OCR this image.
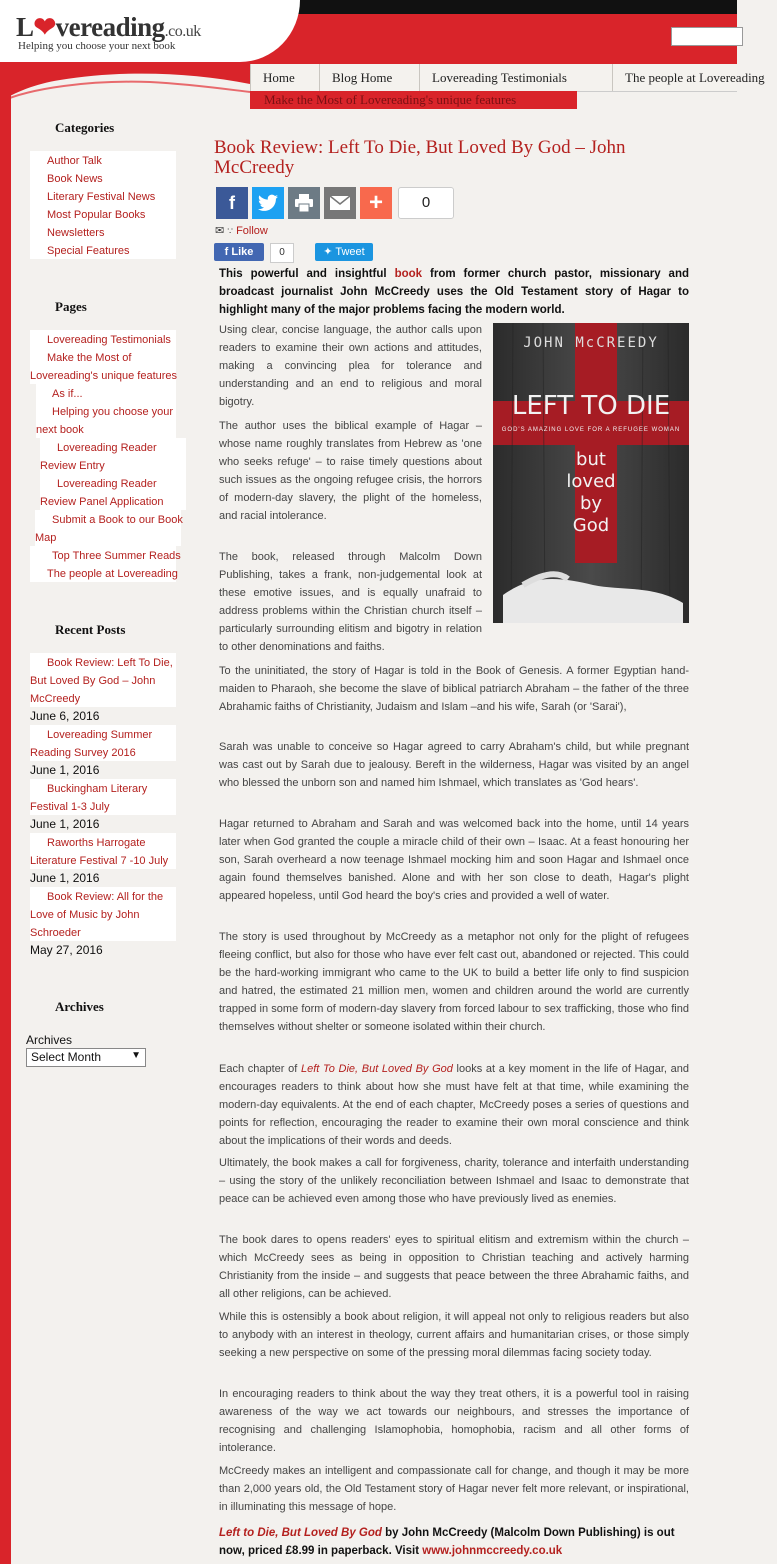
L❤vereading.co.uk
Helping you choose your next book
Home	Blog Home	Lovereading Testimonials	The people at Lovereading
Make the Most of Lovereading's unique features
Categories
Author Talk
Book News
Literary Festival News
Most Popular Books
Newsletters
Special Features
Pages
Lovereading Testimonials
Make the Most of
Lovereading's unique features
As if...
Helping you choose your
next book
Lovereading Reader
Review Entry
Lovereading Reader
Review Panel Application
Submit a Book to our Book
Map
Top Three Summer Reads
The people at Lovereading
Recent Posts
Book Review: Left To Die,
But Loved By God – John
McCreedy
June 6, 2016
Lovereading Summer
Reading Survey 2016
June 1, 2016
Buckingham Literary
Festival 1-3 July
June 1, 2016
Raworths Harrogate
Literature Festival 7 -10 July
June 1, 2016
Book Review: All for the
Love of Music by John
Schroeder
May 27, 2016
Archives
Archives
Select Month	▼
Book Review: Left To Die, But Loved By God – John McCreedy
f	+	0
✉ ∵ Follow
f Like	0	✦ Tweet
This powerful and insightful book from former church pastor, missionary and broadcast journalist John McCreedy uses the Old Testament story of Hagar to highlight many of the major problems facing the modern world.
JOHN McCREEDY
LEFT TO DIE
GOD'S AMAZING LOVE FOR A REFUGEE WOMAN
but
loved
by
God
Using clear, concise language, the author calls upon readers to examine their own actions and attitudes, making a convincing plea for tolerance and understanding and an end to religious and moral bigotry.
The author uses the biblical example of Hagar – whose name roughly translates from Hebrew as 'one who seeks refuge' – to raise timely questions about such issues as the ongoing refugee crisis, the horrors of modern-day slavery, the plight of the homeless, and racial intolerance.
The book, released through Malcolm Down Publishing, takes a frank, non-judgemental look at these emotive issues, and is equally unafraid to address problems within the Christian church itself – particularly surrounding elitism and bigotry in relation to other denominations and faiths.
To the uninitiated, the story of Hagar is told in the Book of Genesis. A former Egyptian hand-maiden to Pharaoh, she become the slave of biblical patriarch Abraham – the father of the three Abrahamic faiths of Christianity, Judaism and Islam –and his wife, Sarah (or 'Sarai'),
Sarah was unable to conceive so Hagar agreed to carry Abraham's child, but while pregnant was cast out by Sarah due to jealousy. Bereft in the wilderness, Hagar was visited by an angel who blessed the unborn son and named him Ishmael, which translates as 'God hears'.
Hagar returned to Abraham and Sarah and was welcomed back into the home, until 14 years later when God granted the couple a miracle child of their own – Isaac. At a feast honouring her son, Sarah overheard a now teenage Ishmael mocking him and soon Hagar and Ishmael once again found themselves banished. Alone and with her son close to death, Hagar's plight appeared hopeless, until God heard the boy's cries and provided a well of water.
The story is used throughout by McCreedy as a metaphor not only for the plight of refugees fleeing conflict, but also for those who have ever felt cast out, abandoned or rejected. This could be the hard-working immigrant who came to the UK to build a better life only to find suspicion and hatred, the estimated 21 million men, women and children around the world are currently trapped in some form of modern-day slavery from forced labour to sex trafficking, those who find themselves without shelter or someone isolated within their church.
Each chapter of Left To Die, But Loved By God looks at a key moment in the life of Hagar, and encourages readers to think about how she must have felt at that time, while examining the modern-day equivalents. At the end of each chapter, McCreedy poses a series of questions and points for reflection, encouraging the reader to examine their own moral conscience and think about the implications of their words and deeds.
Ultimately, the book makes a call for forgiveness, charity, tolerance and interfaith understanding – using the story of the unlikely reconciliation between Ishmael and Isaac to demonstrate that peace can be achieved even among those who have previously lived as enemies.
The book dares to opens readers' eyes to spiritual elitism and extremism within the church – which McCreedy sees as being in opposition to Christian teaching and actively harming Christianity from the inside – and suggests that peace between the three Abrahamic faiths, and all other religions, can be achieved.
While this is ostensibly a book about religion, it will appeal not only to religious readers but also to anybody with an interest in theology, current affairs and humanitarian crises, or those simply seeking a new perspective on some of the pressing moral dilemmas facing society today.
In encouraging readers to think about the way they treat others, it is a powerful tool in raising awareness of the way we act towards our neighbours, and stresses the importance of recognising and challenging Islamophobia, homophobia, racism and all other forms of intolerance.
McCreedy makes an intelligent and compassionate call for change, and though it may be more than 2,000 years old, the Old Testament story of Hagar never felt more relevant, or inspirational, in illuminating this message of hope.
Left to Die, But Loved By God by John McCreedy (Malcolm Down Publishing) is out now, priced £8.99 in paperback. Visit www.johnmccreedy.co.uk
